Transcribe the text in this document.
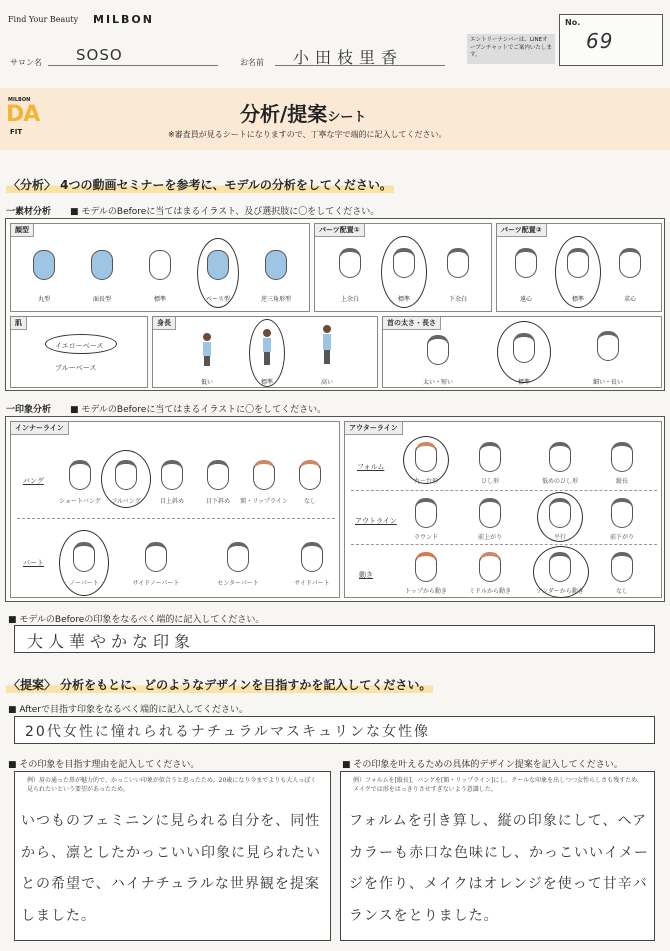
Find Your Beauty MILBON
サロン名 SOSO	お名前 小田枝里香
エントリーナンバーは、LINEオープンチャットでご案内いたします。
No.
69
MILBON
DA
FIT
分析/提案シート
※審査員が見るシートになりますので、丁寧な字で端的に記入してください。
〈分析〉 4つの動画セミナーを参考に、モデルの分析をしてください。
一素材分析 ■ モデルのBeforeに当てはまるイラスト、及び選択肢に〇をしてください。
顔型
丸型	面長型	標準	ベース型	逆三角形型
パーツ配置①
上余白	標準	下余白
パーツ配置②
遠心	標準	求心
肌
イエローベース
ブルーベース
身長
低い	標準	高い
首の太さ・長さ
太い・短い	標準	細い・長い
一印象分析 ■ モデルのBeforeに当てはまるイラストに〇をしてください。
インナーライン
バング
ショートバング	フルバング	目上斜め	目下斜め	額・リップライン	なし
パート
ノーパート	サイドノーパート	センターパート	サイドパート
アウターライン
フォルム
丸〜台形	ひし形	低めのひし形	縦長
アウトライン
ラウンド	前上がり	平行	前下がり
動き
トップから動き	ミドルから動き	アンダーから動き	なし
■ モデルのBeforeの印象をなるべく端的に記入してください。
大人華やかな印象
〈提案〉 分析をもとに、どのようなデザインを目指すかを記入してください。
■ Afterで目指す印象をなるべく端的に記入してください。
20代女性に憧れられるナチュラルマスキュリンな女性像
■ その印象を目指す理由を記入してください。
例）眉の通った鼻が魅力的で、かっこいい印象が似合うと思ったため。20歳になり今までよりも大人っぽく見られたいという要望があったため。
いつものフェミニンに見られる自分を、同性から、凛としたかっこいい印象に見られたいとの希望で、ハイナチュラルな世界観を提案しました。
■ その印象を叶えるための具体的デザイン提案を記入してください。
例）フォルムを[縦長]、バングを[額・リップライン]にし、クールな印象を出しつつ女性らしさも残すため、メイクでは形をはっきりさせすぎないよう意識した。
フォルムを引き算し、縦の印象にして、ヘアカラーも赤口な色味にし、かっこいいイメージを作り、メイクはオレンジを使って甘辛バランスをとりました。
